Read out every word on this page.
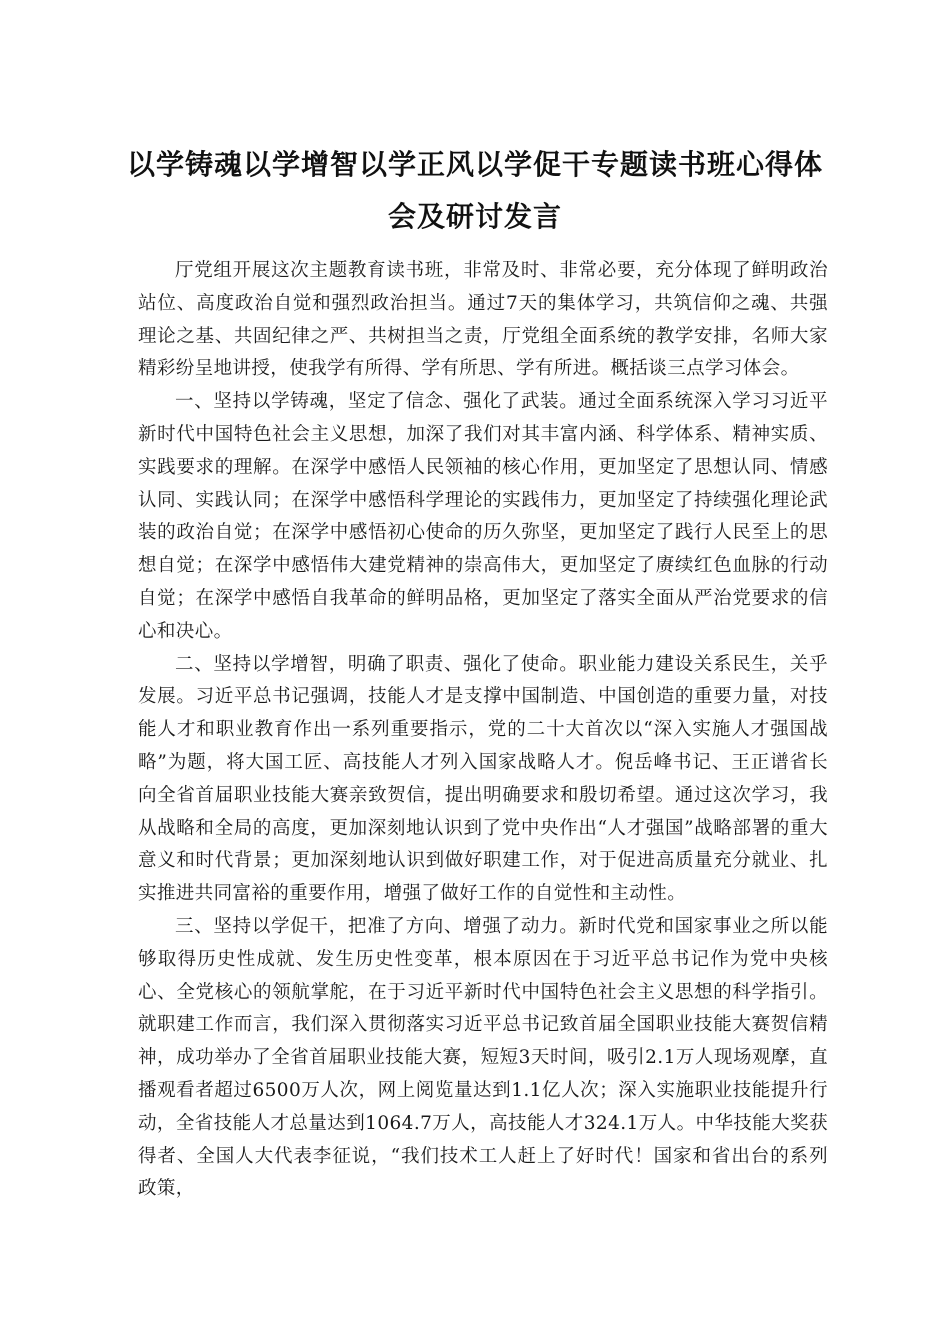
以学铸魂以学增智以学正风以学促干专题读书班心得体会及研讨发言

厅党组开展这次主题教育读书班，非常及时、非常必要，充分体现了鲜明政治站位、高度政治自觉和强烈政治担当。通过7天的集体学习，共筑信仰之魂、共强理论之基、共固纪律之严、共树担当之责，厅党组全面系统的教学安排，名师大家精彩纷呈地讲授，使我学有所得、学有所思、学有所进。概括谈三点学习体会。

一、坚持以学铸魂，坚定了信念、强化了武装。通过全面系统深入学习习近平新时代中国特色社会主义思想，加深了我们对其丰富内涵、科学体系、精神实质、实践要求的理解。在深学中感悟人民领袖的核心作用，更加坚定了思想认同、情感认同、实践认同；在深学中感悟科学理论的实践伟力，更加坚定了持续强化理论武装的政治自觉；在深学中感悟初心使命的历久弥坚，更加坚定了践行人民至上的思想自觉；在深学中感悟伟大建党精神的崇高伟大，更加坚定了赓续红色血脉的行动自觉；在深学中感悟自我革命的鲜明品格，更加坚定了落实全面从严治党要求的信心和决心。

二、坚持以学增智，明确了职责、强化了使命。职业能力建设关系民生，关乎发展。习近平总书记强调，技能人才是支撑中国制造、中国创造的重要力量，对技能人才和职业教育作出一系列重要指示，党的二十大首次以“深入实施人才强国战略”为题，将大国工匠、高技能人才列入国家战略人才。倪岳峰书记、王正谱省长向全省首届职业技能大赛亲致贺信，提出明确要求和殷切希望。通过这次学习，我从战略和全局的高度，更加深刻地认识到了党中央作出“人才强国”战略部署的重大意义和时代背景；更加深刻地认识到做好职建工作，对于促进高质量充分就业、扎实推进共同富裕的重要作用，增强了做好工作的自觉性和主动性。

三、坚持以学促干，把准了方向、增强了动力。新时代党和国家事业之所以能够取得历史性成就、发生历史性变革，根本原因在于习近平总书记作为党中央核心、全党核心的领航掌舵，在于习近平新时代中国特色社会主义思想的科学指引。就职建工作而言，我们深入贯彻落实习近平总书记致首届全国职业技能大赛贺信精神，成功举办了全省首届职业技能大赛，短短3天时间，吸引2.1万人现场观摩，直播观看者超过6500万人次，网上阅览量达到1.1亿人次；深入实施职业技能提升行动，全省技能人才总量达到1064.7万人，高技能人才324.1万人。中华技能大奖获得者、全国人大代表李征说，“我们技术工人赶上了好时代！国家和省出台的系列政策，
